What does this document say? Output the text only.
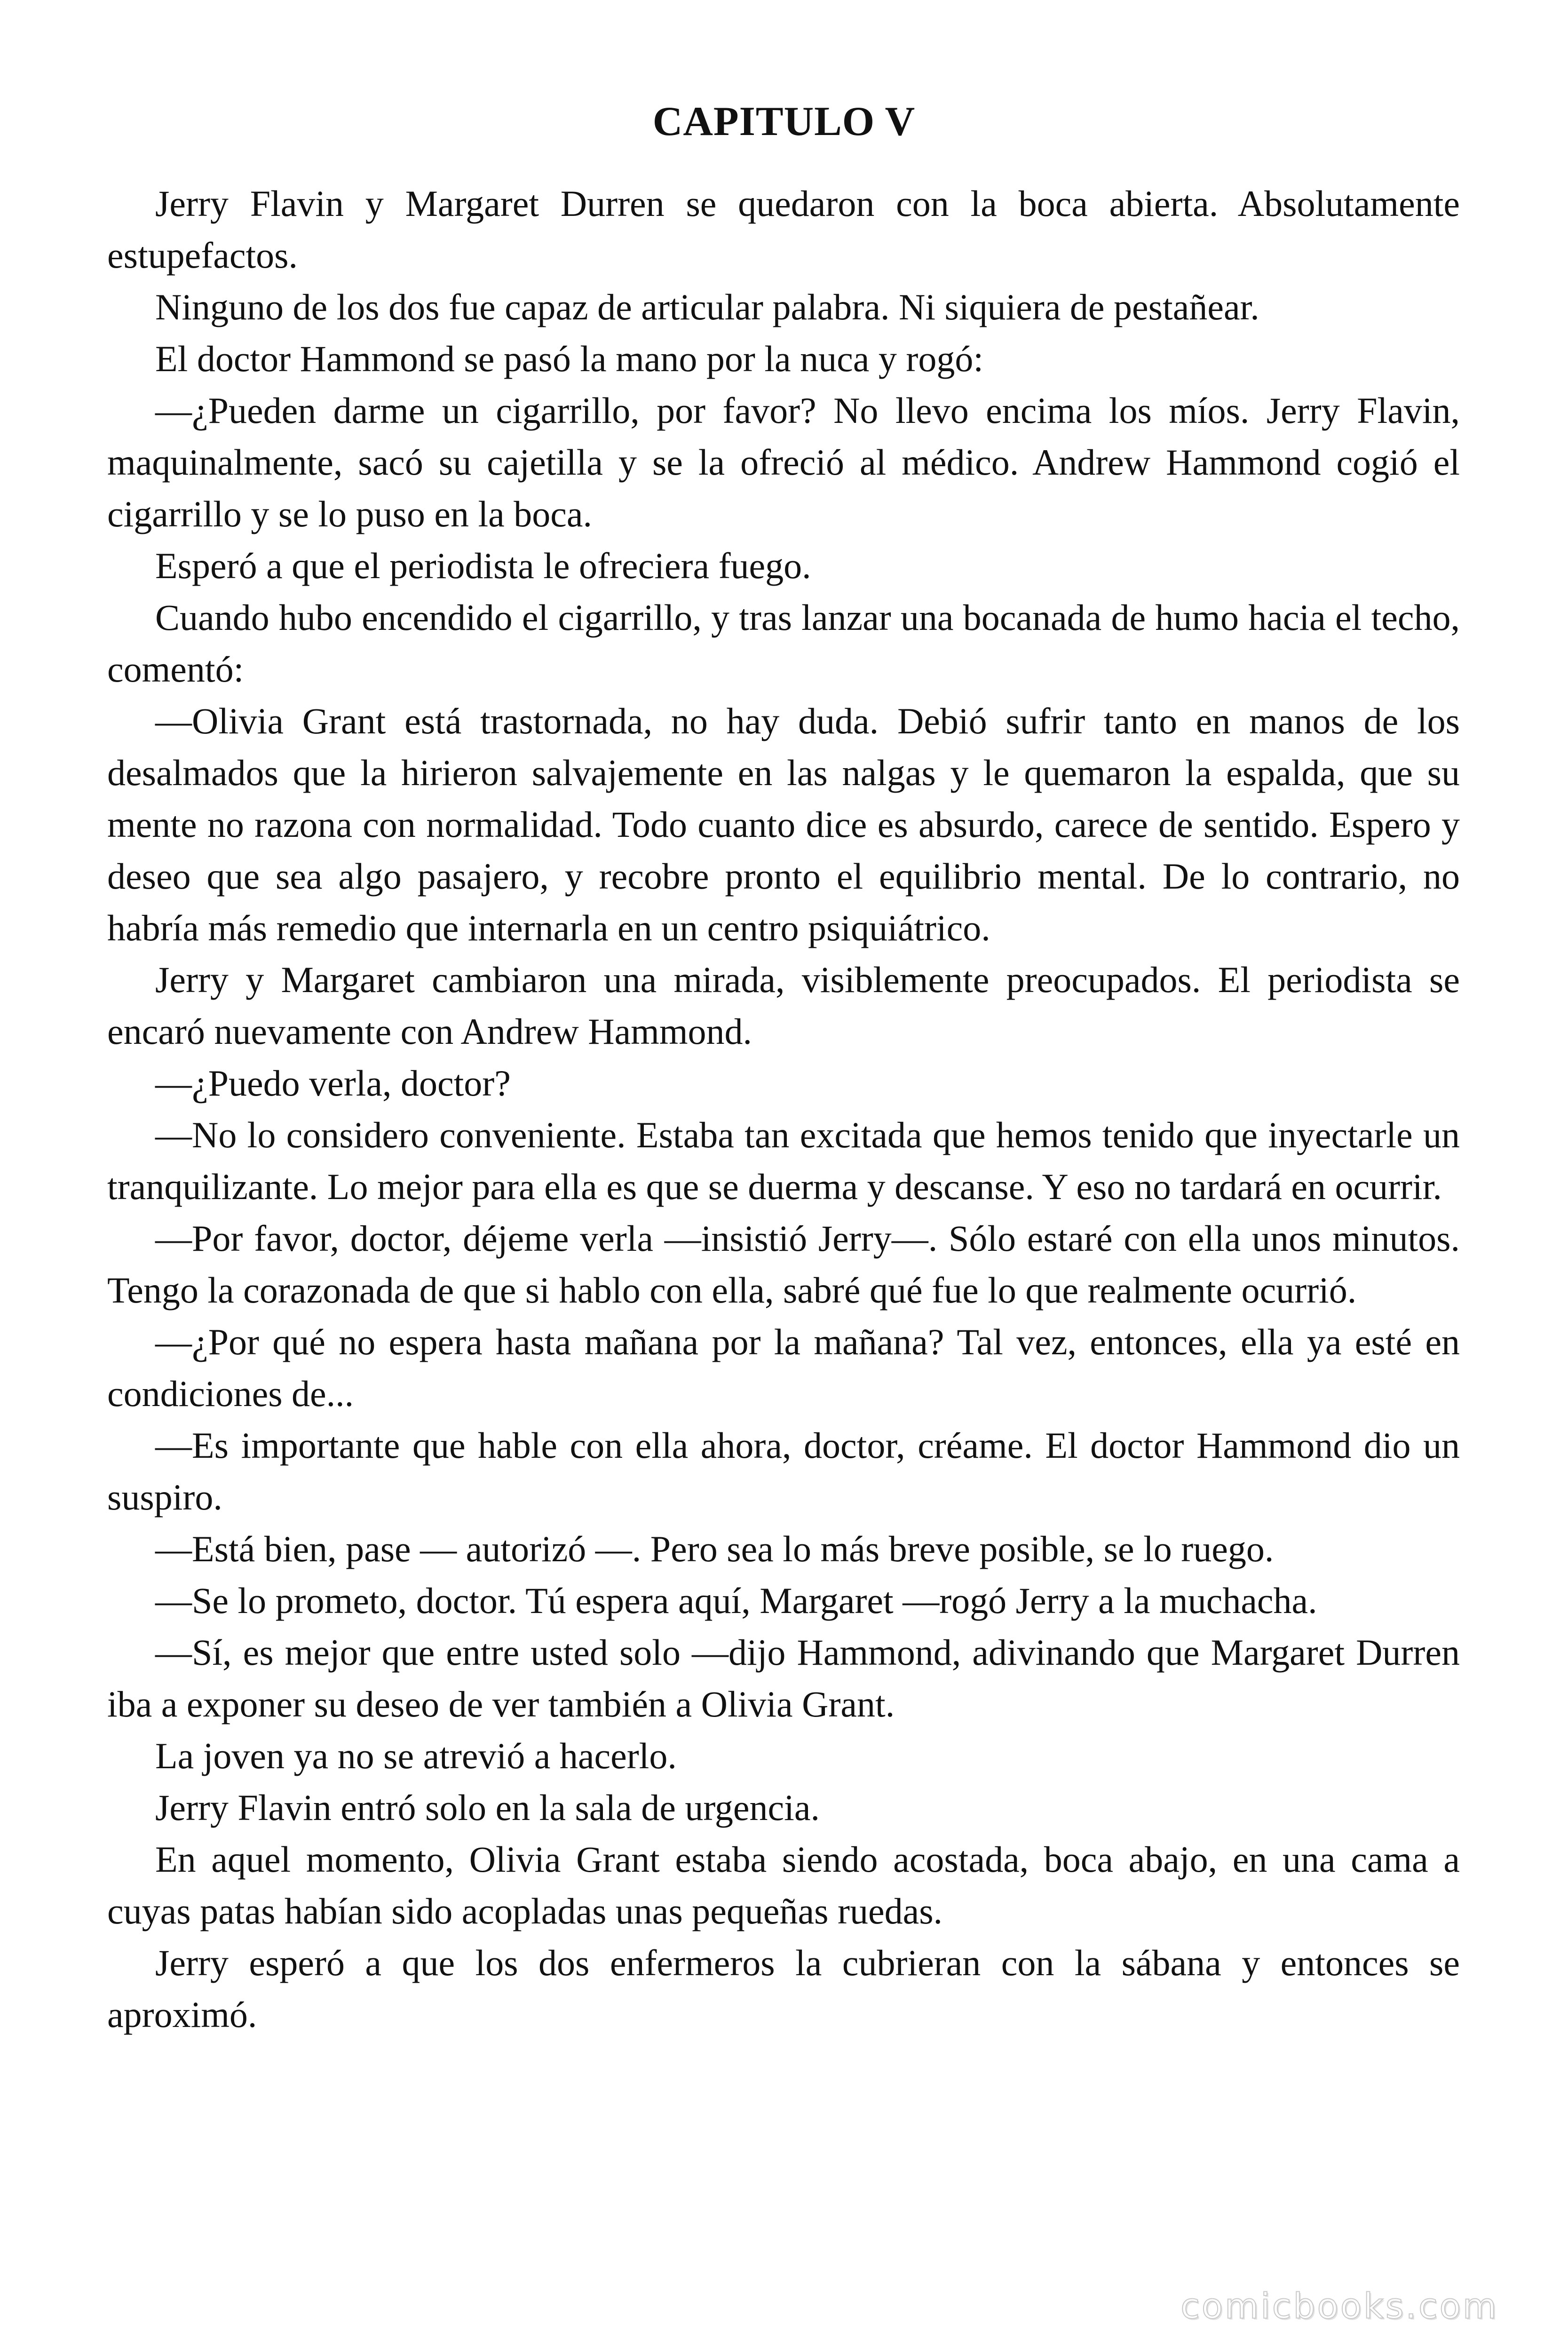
CAPITULO V

Jerry Flavin y Margaret Durren se quedaron con la boca abierta. Absolutamente estupefactos.

Ninguno de los dos fue capaz de articular palabra. Ni siquiera de pestañear.

El doctor Hammond se pasó la mano por la nuca y rogó:

—¿Pueden darme un cigarrillo, por favor? No llevo encima los míos. Jerry Flavin, maquinalmente, sacó su cajetilla y se la ofreció al médico. Andrew Hammond cogió el cigarrillo y se lo puso en la boca.

Esperó a que el periodista le ofreciera fuego.

Cuando hubo encendido el cigarrillo, y tras lanzar una bocanada de humo hacia el techo, comentó:

—Olivia Grant está trastornada, no hay duda. Debió sufrir tanto en manos de los desalmados que la hirieron salvajemente en las nalgas y le quemaron la espalda, que su mente no razona con normalidad. Todo cuanto dice es absurdo, carece de sentido. Espero y deseo que sea algo pasajero, y recobre pronto el equilibrio mental. De lo contrario, no habría más remedio que internarla en un centro psiquiátrico.

Jerry y Margaret cambiaron una mirada, visiblemente preocupados. El periodista se encaró nuevamente con Andrew Hammond.

—¿Puedo verla, doctor?

—No lo considero conveniente. Estaba tan excitada que hemos tenido que inyectarle un tranquilizante. Lo mejor para ella es que se duerma y descanse. Y eso no tardará en ocurrir.

—Por favor, doctor, déjeme verla —insistió Jerry—. Sólo estaré con ella unos minutos. Tengo la corazonada de que si hablo con ella, sabré qué fue lo que realmente ocurrió.

—¿Por qué no espera hasta mañana por la mañana? Tal vez, entonces, ella ya esté en condiciones de...

—Es importante que hable con ella ahora, doctor, créame. El doctor Hammond dio un suspiro.

—Está bien, pase — autorizó —. Pero sea lo más breve posible, se lo ruego.

—Se lo prometo, doctor. Tú espera aquí, Margaret —rogó Jerry a la muchacha.

—Sí, es mejor que entre usted solo —dijo Hammond, adivinando que Margaret Durren iba a exponer su deseo de ver también a Olivia Grant.

La joven ya no se atrevió a hacerlo.

Jerry Flavin entró solo en la sala de urgencia.

En aquel momento, Olivia Grant estaba siendo acostada, boca abajo, en una cama a cuyas patas habían sido acopladas unas pequeñas ruedas.

Jerry esperó a que los dos enfermeros la cubrieran con la sábana y entonces se aproximó.

comicbooks.com
